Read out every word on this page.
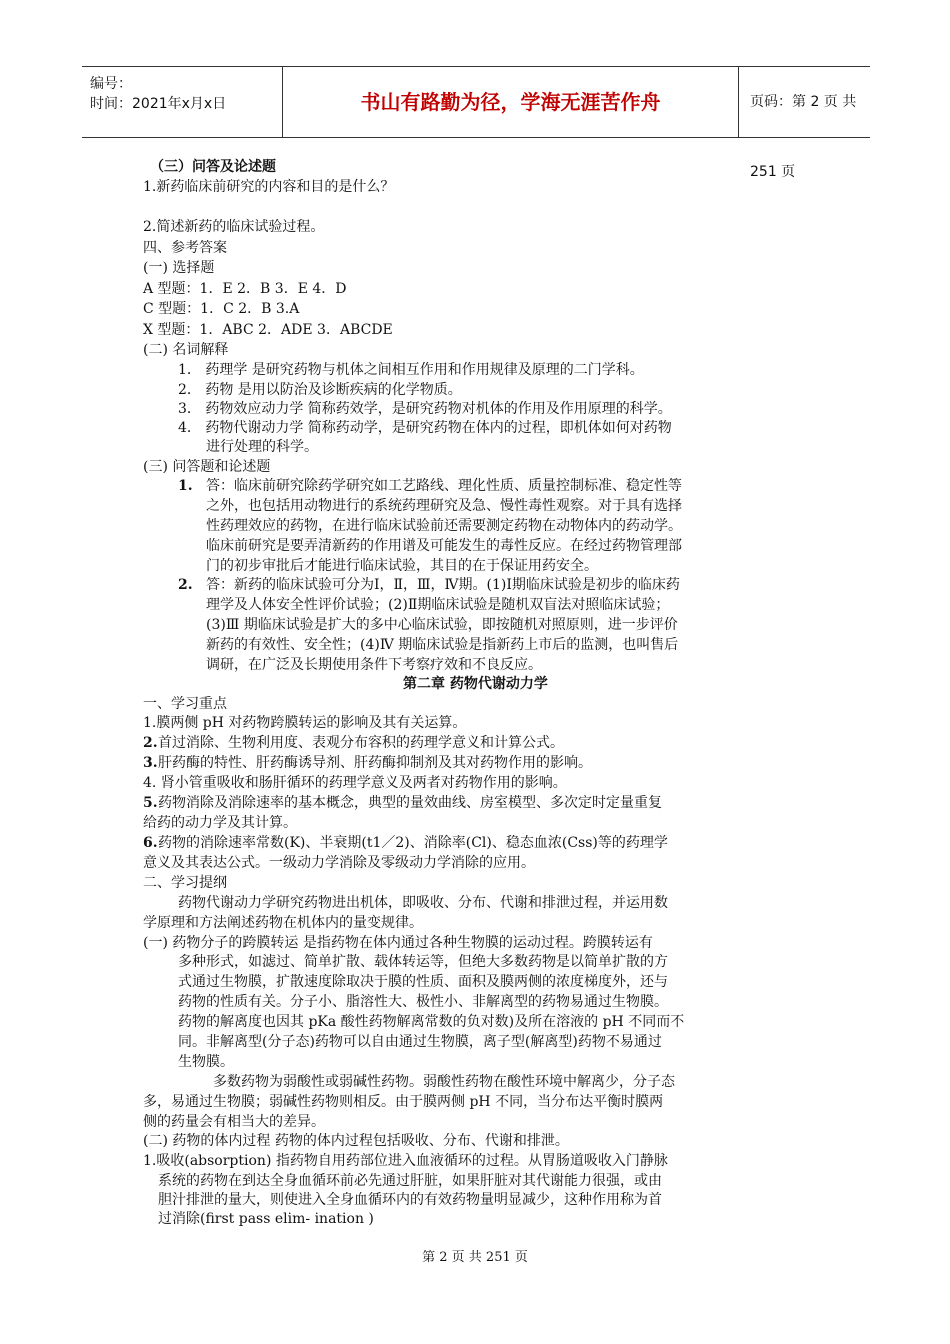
编号：
时间：2021年x月x日	书山有路勤为径，学海无涯苦作舟	页码：第 2 页 共 251 页
（三）问答及论述题
1.新药临床前研究的内容和目的是什么？
2.简述新药的临床试验过程。
四、参考答案
(一) 选择题
A 型题：1．E 2．B 3．E 4．D
C 型题：1．C 2．B 3.A
X 型题：1．ABC 2．ADE 3．ABCDE
(二) 名词解释
1． 药理学 是研究药物与机体之间相互作用和作用规律及原理的二门学科。
2． 药物 是用以防治及诊断疾病的化学物质。
3． 药物效应动力学 简称药效学，是研究药物对机体的作用及作用原理的科学。
4． 药物代谢动力学 简称药动学，是研究药物在体内的过程，即机体如何对药物
进行处理的科学。
(三) 问答题和论述题
1. 答：临床前研究除药学研究如工艺路线、理化性质、质量控制标准、稳定性等
之外，也包括用动物进行的系统药理研究及急、慢性毒性观察。对于具有选择
性药理效应的药物，在进行临床试验前还需要测定药物在动物体内的药动学。
临床前研究是要弄清新药的作用谱及可能发生的毒性反应。在经过药物管理部
门的初步审批后才能进行临床试验，其目的在于保证用药安全。
2. 答：新药的临床试验可分为Ⅰ，Ⅱ，Ⅲ，Ⅳ期。(1)Ⅰ期临床试验是初步的临床药
理学及人体安全性评价试验；(2)Ⅱ期临床试验是随机双盲法对照临床试验；
(3)Ⅲ 期临床试验是扩大的多中心临床试验，即按随机对照原则，进一步评价
新药的有效性、安全性；(4)Ⅳ 期临床试验是指新药上市后的监测，也叫售后
调研，在广泛及长期使用条件下考察疗效和不良反应。
第二章 药物代谢动力学
一、学习重点
1.膜两侧 pH 对药物跨膜转运的影响及其有关运算。
2. 首过消除、生物利用度、表观分布容积的药理学意义和计算公式。
3. 肝药酶的特性、肝药酶诱导剂、肝药酶抑制剂及其对药物作用的影响。
4. 肾小管重吸收和肠肝循环的药理学意义及两者对药物作用的影响。
5. 药物消除及消除速率的基本概念，典型的量效曲线、房室模型、多次定时定量重复
给药的动力学及其计算。
6. 药物的消除速率常数(K)、半衰期(t1／2)、消除率(Cl)、稳态血浓(Css)等的药理学
意义及其表达公式。一级动力学消除及零级动力学消除的应用。
二、学习提纲
药物代谢动力学研究药物进出机体，即吸收、分布、代谢和排泄过程，并运用数
学原理和方法阐述药物在机体内的量变规律。
(一) 药物分子的跨膜转运 是指药物在体内通过各种生物膜的运动过程。跨膜转运有
多种形式，如滤过、简单扩散、载体转运等，但绝大多数药物是以简单扩散的方
式通过生物膜，扩散速度除取决于膜的性质、面积及膜两侧的浓度梯度外，还与
药物的性质有关。分子小、脂溶性大、极性小、非解离型的药物易通过生物膜。
药物的解离度也因其 pKa 酸性药物解离常数的负对数)及所在溶液的 pH 不同而不
同。非解离型(分子态)药物可以自由通过生物膜，离子型(解离型)药物不易通过
生物膜。
多数药物为弱酸性或弱碱性药物。弱酸性药物在酸性环境中解离少，分子态
多，易通过生物膜；弱碱性药物则相反。由于膜两侧 pH 不同，当分布达平衡时膜两
侧的药量会有相当大的差异。
(二) 药物的体内过程 药物的体内过程包括吸收、分布、代谢和排泄。
1.吸收(absorption) 指药物自用药部位进入血液循环的过程。从胃肠道吸收入门静脉
系统的药物在到达全身血循环前必先通过肝脏，如果肝脏对其代谢能力很强，或由
胆汁排泄的量大，则使进入全身血循环内的有效药物量明显减少，这种作用称为首
过消除(first pass elim- ination )
第 2 页 共 251 页
